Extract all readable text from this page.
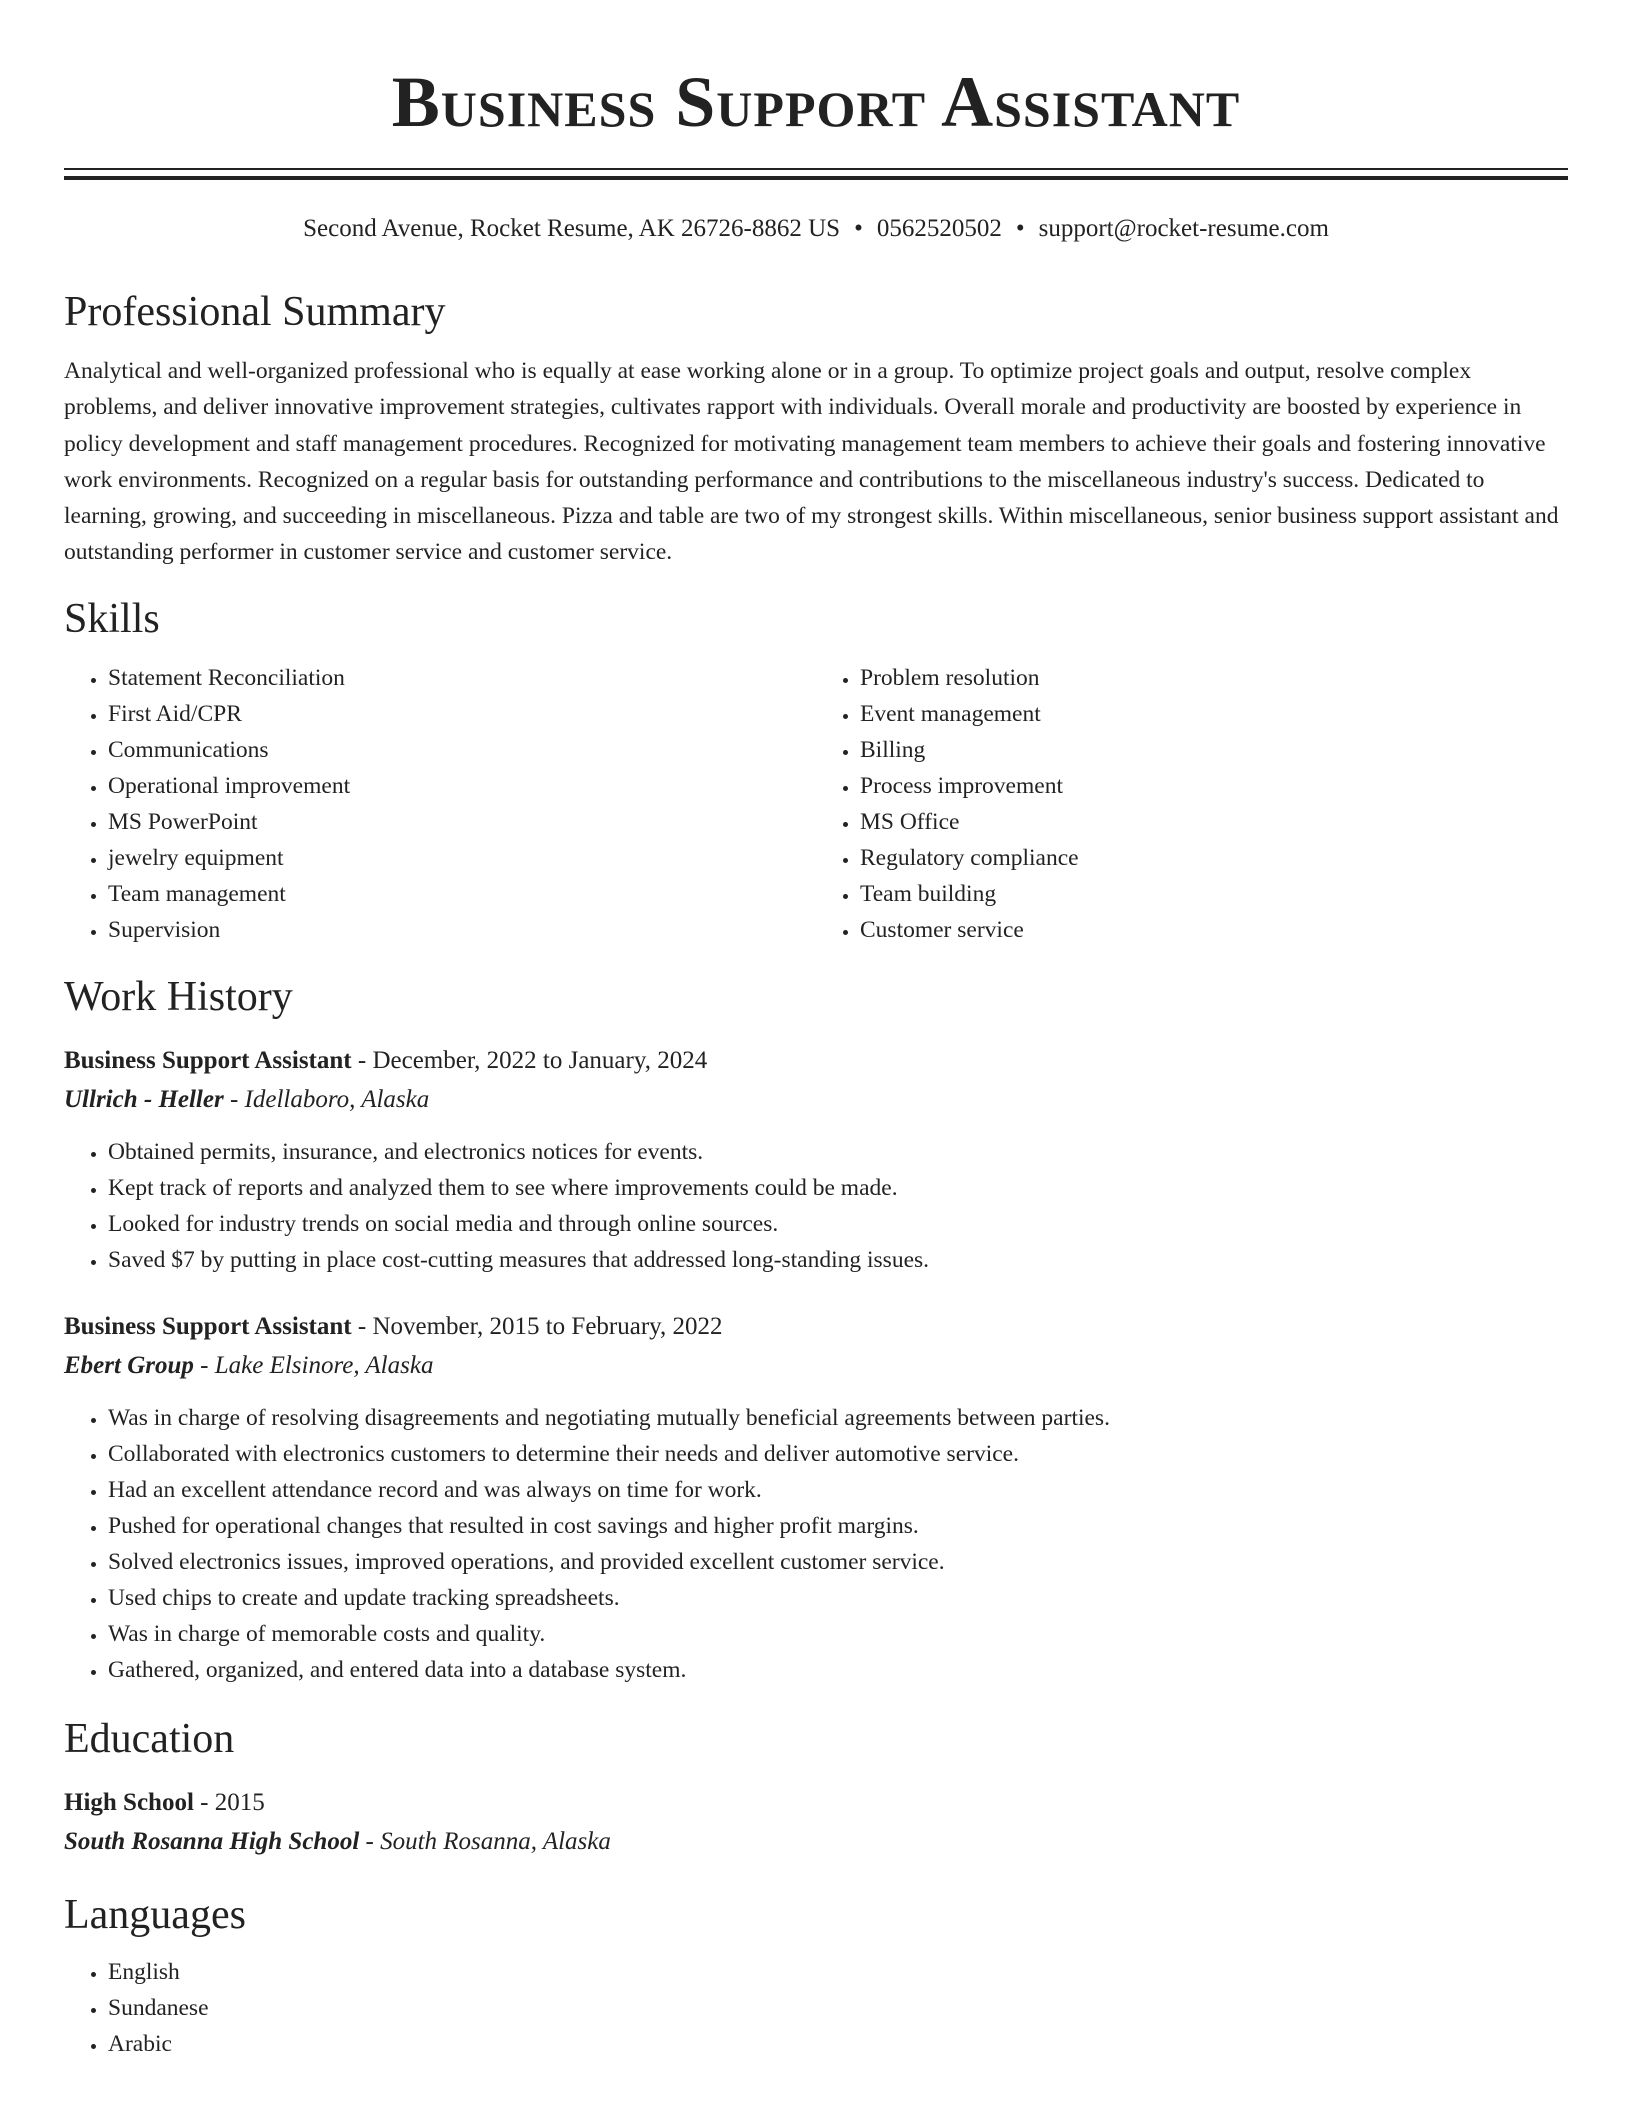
Business Support Assistant
Second Avenue, Rocket Resume, AK 26726-8862 US • 0562520502 • support@rocket-resume.com
Professional Summary

Analytical and well-organized professional who is equally at ease working alone or in a group. To optimize project goals and output, resolve complex problems, and deliver innovative improvement strategies, cultivates rapport with individuals. Overall morale and productivity are boosted by experience in policy development and staff management procedures. Recognized for motivating management team members to achieve their goals and fostering innovative work environments. Recognized on a regular basis for outstanding performance and contributions to the miscellaneous industry's success. Dedicated to learning, growing, and succeeding in miscellaneous. Pizza and table are two of my strongest skills. Within miscellaneous, senior business support assistant and outstanding performer in customer service and customer service.

Skills
• Statement Reconciliation
• First Aid/CPR
• Communications
• Operational improvement
• MS PowerPoint
• jewelry equipment
• Team management
• Supervision
• Problem resolution
• Event management
• Billing
• Process improvement
• MS Office
• Regulatory compliance
• Team building
• Customer service
Work History
Business Support Assistant - December, 2022 to January, 2024
Ullrich - Heller - Idellaboro, Alaska
• Obtained permits, insurance, and electronics notices for events.
• Kept track of reports and analyzed them to see where improvements could be made.
• Looked for industry trends on social media and through online sources.
• Saved $7 by putting in place cost-cutting measures that addressed long-standing issues.
Business Support Assistant - November, 2015 to February, 2022
Ebert Group - Lake Elsinore, Alaska
• Was in charge of resolving disagreements and negotiating mutually beneficial agreements between parties.
• Collaborated with electronics customers to determine their needs and deliver automotive service.
• Had an excellent attendance record and was always on time for work.
• Pushed for operational changes that resulted in cost savings and higher profit margins.
• Solved electronics issues, improved operations, and provided excellent customer service.
• Used chips to create and update tracking spreadsheets.
• Was in charge of memorable costs and quality.
• Gathered, organized, and entered data into a database system.
Education
High School - 2015
South Rosanna High School - South Rosanna, Alaska
Languages
• English
• Sundanese
• Arabic
